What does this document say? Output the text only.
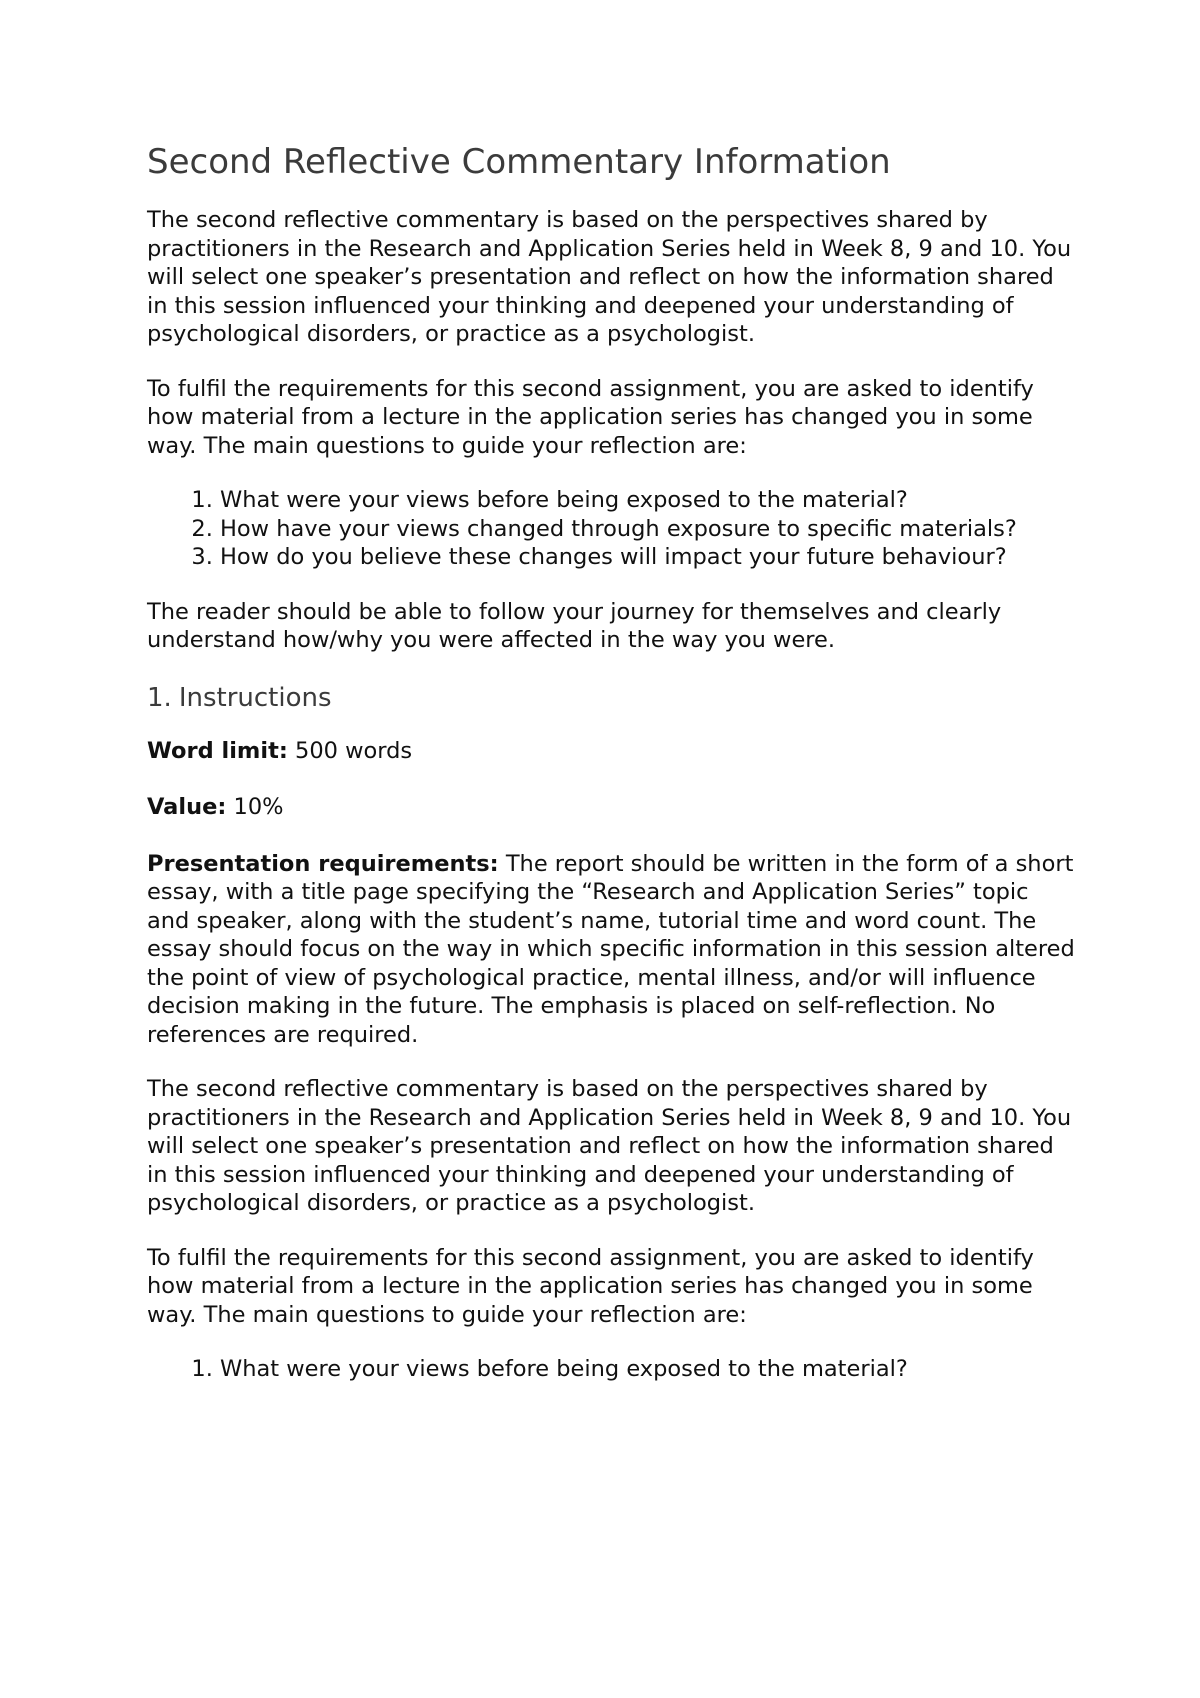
Second Reflective Commentary Information

The second reflective commentary is based on the perspectives shared by practitioners in the Research and Application Series held in Week 8, 9 and 10. You will select one speaker’s presentation and reflect on how the information shared in this session influenced your thinking and deepened your understanding of psychological disorders, or practice as a psychologist.

To fulfil the requirements for this second assignment, you are asked to identify how material from a lecture in the application series has changed you in some way. The main questions to guide your reflection are:

1. What were your views before being exposed to the material?
2. How have your views changed through exposure to specific materials?
3. How do you believe these changes will impact your future behaviour?

The reader should be able to follow your journey for themselves and clearly understand how/why you were affected in the way you were.

1. Instructions

Word limit: 500 words

Value: 10%

Presentation requirements: The report should be written in the form of a short essay, with a title page specifying the “Research and Application Series” topic and speaker, along with the student’s name, tutorial time and word count. The essay should focus on the way in which specific information in this session altered the point of view of psychological practice, mental illness, and/or will influence decision making in the future. The emphasis is placed on self-reflection. No references are required.

The second reflective commentary is based on the perspectives shared by practitioners in the Research and Application Series held in Week 8, 9 and 10. You will select one speaker’s presentation and reflect on how the information shared in this session influenced your thinking and deepened your understanding of psychological disorders, or practice as a psychologist.

To fulfil the requirements for this second assignment, you are asked to identify how material from a lecture in the application series has changed you in some way. The main questions to guide your reflection are:

1. What were your views before being exposed to the material?
